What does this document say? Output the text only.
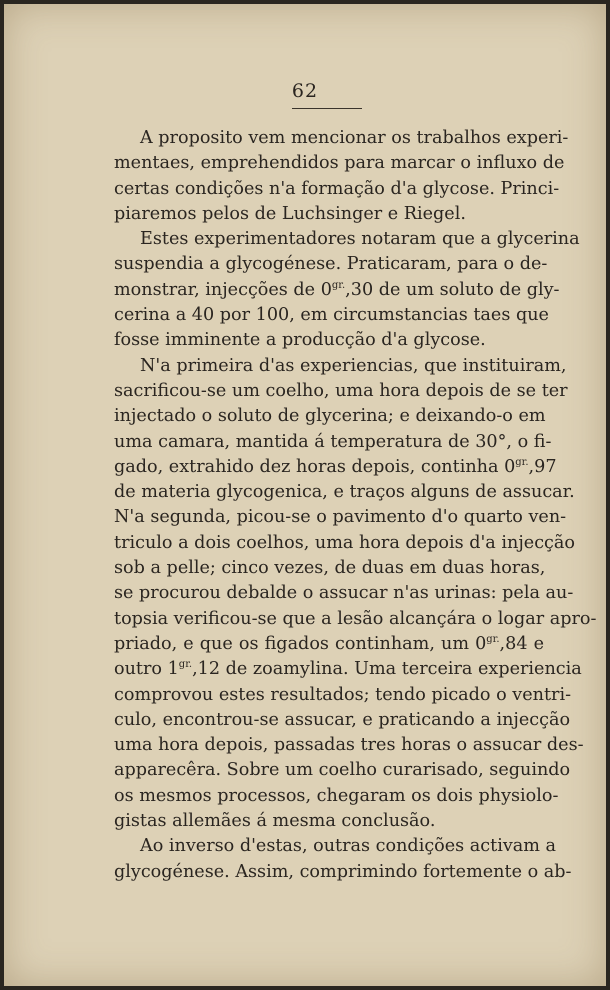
62
A proposito vem mencionar os trabalhos experi-
mentaes, emprehendidos para marcar o influxo de
certas condições n'a formação d'a glycose. Princi-
piaremos pelos de Luchsinger e Riegel.
Estes experimentadores notaram que a glycerina
suspendia a glycogénese. Praticaram, para o de-
monstrar, injecções de $0^{gr.},30$ de um soluto de gly-
cerina a 40 por 100, em circumstancias taes que
fosse imminente a producção d'a glycose.
N'a primeira d'as experiencias, que instituiram,
sacrificou-se um coelho, uma hora depois de se ter
injectado o soluto de glycerina; e deixando-o em
uma camara, mantida á temperatura de 30°, o fi-
gado, extrahido dez horas depois, continha $0^{gr.},97$
de materia glycogenica, e traços alguns de assucar.
N'a segunda, picou-se o pavimento d'o quarto ven-
triculo a dois coelhos, uma hora depois d'a injecção
sob a pelle; cinco vezes, de duas em duas horas,
se procurou debalde o assucar n'as urinas: pela au-
topsia verificou-se que a lesão alcançára o logar apro-
priado, e que os figados continham, um $0^{gr.},84$ e
outro $1^{gr.},12$ de zoamylina. Uma terceira experiencia
comprovou estes resultados; tendo picado o ventri-
culo, encontrou-se assucar, e praticando a injecção
uma hora depois, passadas tres horas o assucar des-
apparecêra. Sobre um coelho curarisado, seguindo
os mesmos processos, chegaram os dois physiolo-
gistas allemães á mesma conclusão.
Ao inverso d'estas, outras condições activam a
glycogénese. Assim, comprimindo fortemente o ab-
